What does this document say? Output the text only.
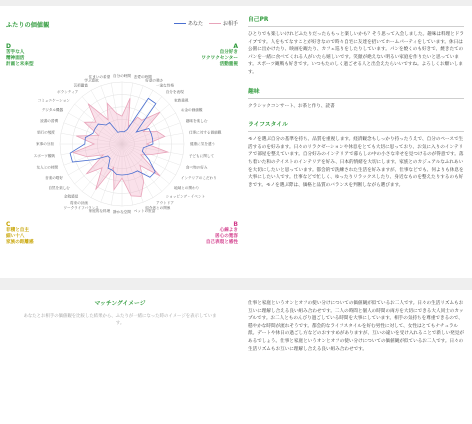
自分の時間 恋愛の時間
好意の強さ
一途な性格
自分を表現
家族重視
お金の価値観
趣味を楽しむ
仕事に対する価値観
健康に気を遣う
子どもに関して
食べ物の好み
インテリアのこだわり
地域との関わり
ショッピング・イベント
アウトドア
紹介者との関係
ペットの世話
静かな空間
家庭的な料理
ワークライフバランス
将来の計画
金銭感覚
自然を楽しむ
音楽の嗜好
友人との時間
スポーツ観戦
家事の分担
旅行の頻度
読書の習慣
デジタル機器
コミュニケーション
ボランティア
芸術鑑賞
学ぶ意欲
住まいの希望
ふたりの価値観	あなた	お相手
D
苦手な人
精神面活
計画と未来型
A
自分好き
ワクワクセンター
活動重視
C
非積と自主
細い十八
家族の距離感
B
心線よき
居心の寛容
自己表現と感性
自己PR
ひとりでも楽しいけれどふたりだったらもっと楽しいかも？そう思って入会しました。趣味は料理とドライブです。人をもてなすことが好きなので時々自宅に友達を招いてホームパーティをしています。休日は公園に出かけたり、映画を観たり、カフェ巡りをしたりしています。パンを焼くのも好きで、焼きたてのパンを一緒に食べてくれる人がいたら嬉しいです。笑顔が絶えない明るい家庭を作りたいと思っています。スポーツ観戦も好きです。いつもたのしく過ごせる人と出会えたらいいですね。よろしくお願いします。
趣味
クラシックコンサート、お茶と作り、読書
ライフスタイル
モノを選ぶ自分の基準を持ち、品質を重視します。経済観念もしっかり持ったうえで、自分のペースで生活するのを好みます。日々のリラクゼーションや休息をとても大切に思っており、お気に入りのインテリアで部屋を整えています。自分好みのインテリアで暮らしの中の小さな幸せを見つけるのが得意です。落ち着いた和のテイストのインテリアを好み、日本的情緒を大切にします。家族とのカジュアルなふれあいを大切にしたいと思っています。都会的で洗練された生活を好みますが、仕事などでも、何よりも休息を大事にしたい人です。仕事などで忙しく、ゆったりリラックスしたり、身近なものを整えたりするのも好きです。モノを選ぶ際は、価格と品質のバランスを判断しながら選びます。
マッチングイメージ
あなたとお相手の価値観を比較した結果から、ふたりが一緒になった時のイメージを表示しています。
仕事と家庭というオンとオフの使い分けについての価値観が似ているお二人です。日々の生活リズムもお互いに理解し合える良い組み合わせです。二人の時間と個人の時間の両方を大切にできる大人同士のカップルです。お二人とものんびり過ごしている時間を大事にしています。相手の気持ちを尊重できるので、穏やかな時間が流れそうです。都会的なライフスタイルを好む男性に対して、女性はとてもナチュラル派。デートや休日の過ごし方などのおすすめがありますが、互いの違いを受け入れることで新しい発見があるでしょう。仕事と家庭というオンとオフの使い分けについての価値観が似ているお二人です。日々の生活リズムもお互いに理解し合える良い組み合わせです。
